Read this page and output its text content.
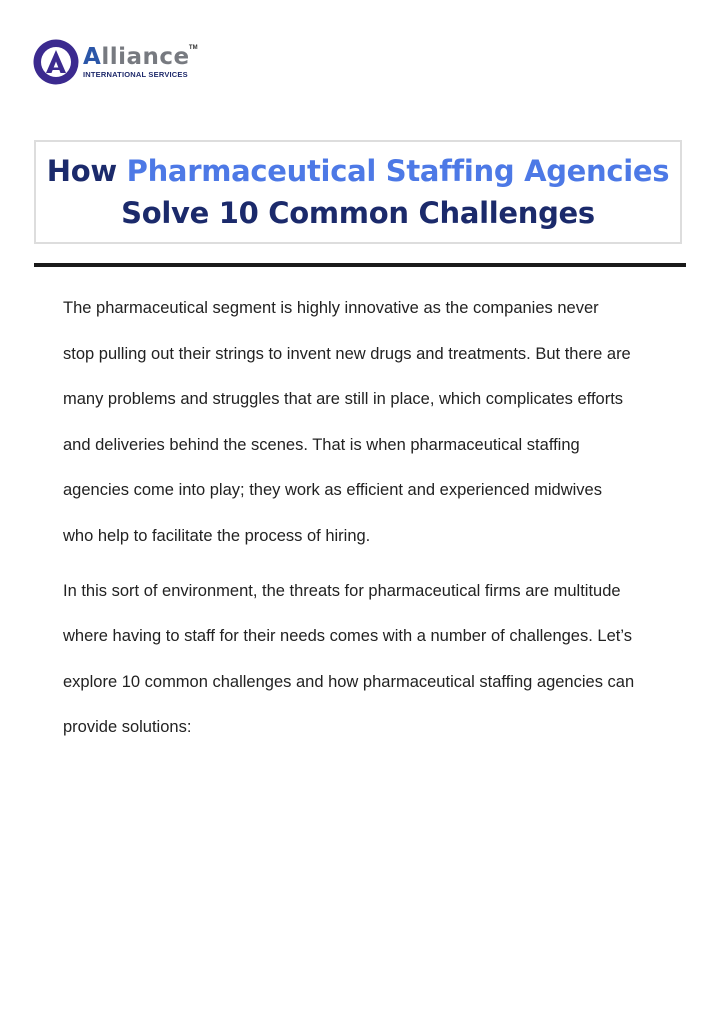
A lliance TM
INTERNATIONAL SERVICES
How Pharmaceutical Staffing Agencies
Solve 10 Common Challenges

The pharmaceutical segment is highly innovative as the companies never
stop pulling out their strings to invent new drugs and treatments. But there are
many problems and struggles that are still in place, which complicates efforts
and deliveries behind the scenes. That is when pharmaceutical staffing
agencies come into play; they work as efficient and experienced midwives
who help to facilitate the process of hiring.

In this sort of environment, the threats for pharmaceutical firms are multitude
where having to staff for their needs comes with a number of challenges. Let’s
explore 10 common challenges and how pharmaceutical staffing agencies can
provide solutions:
